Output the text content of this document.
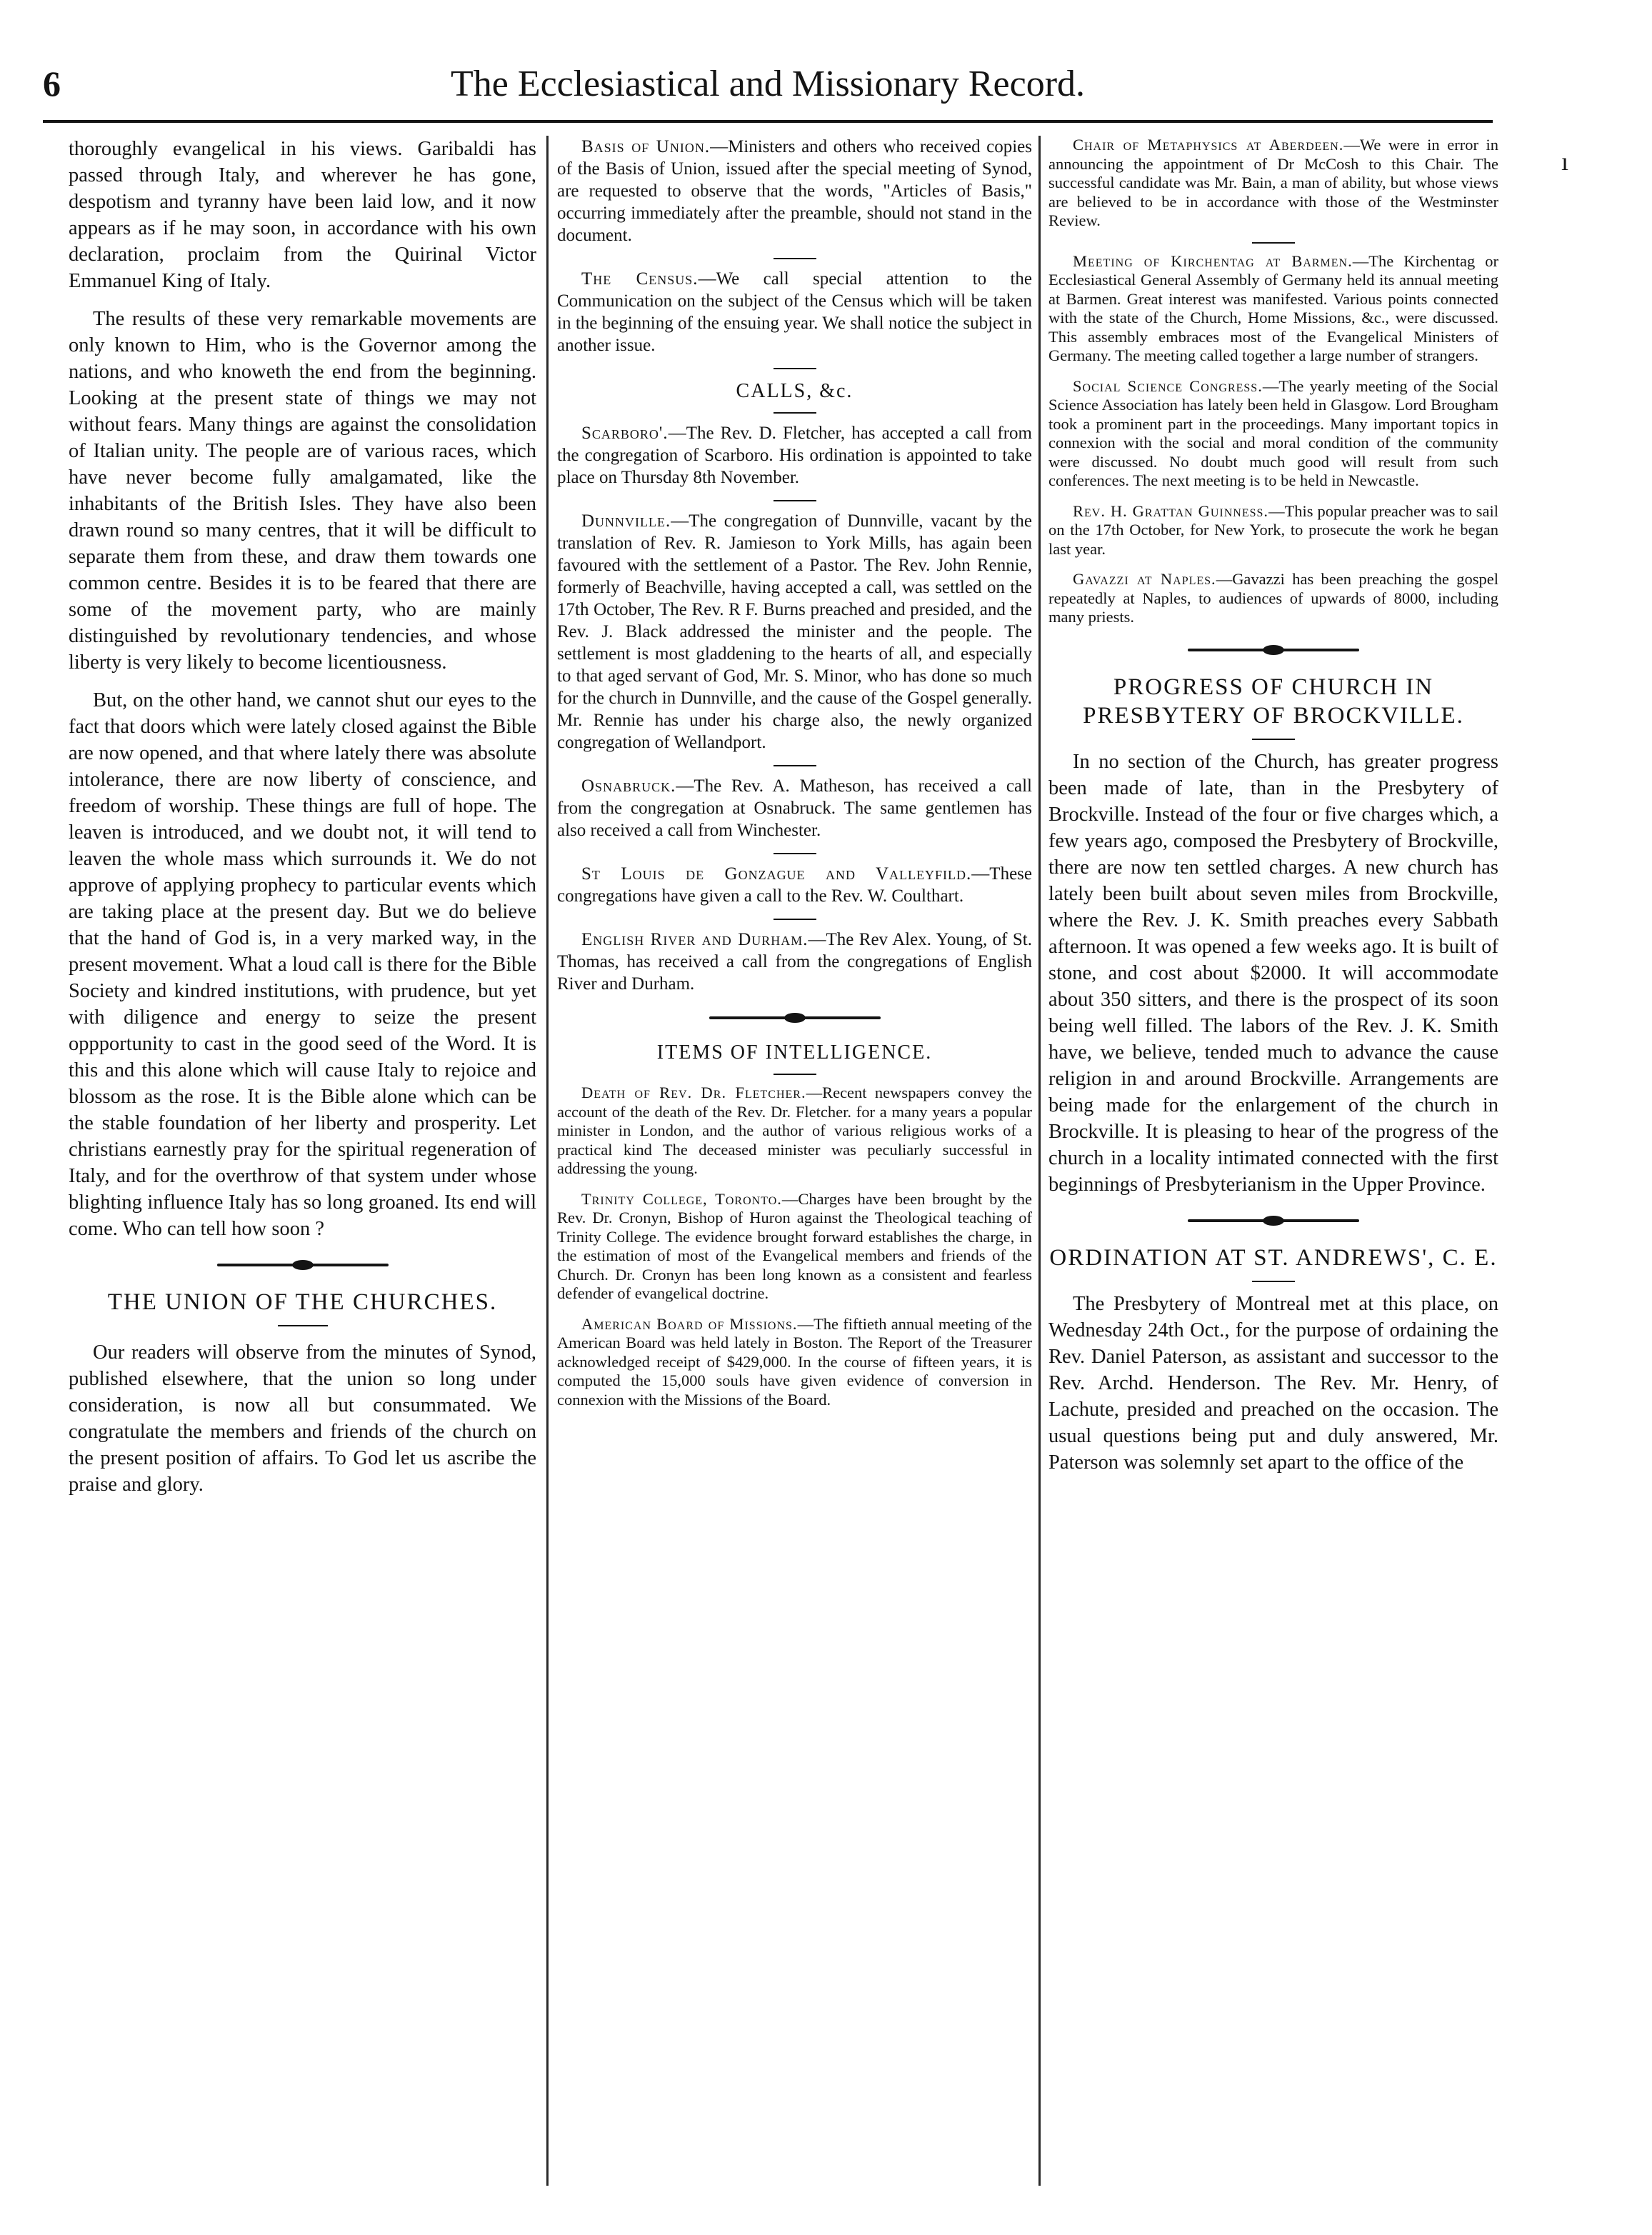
6	The Ecclesiastical and Missionary Record.
ı

thoroughly evangelical in his views. Garibaldi has passed through Italy, and wherever he has gone, despotism and tyranny have been laid low, and it now appears as if he may soon, in accordance with his own declaration, proclaim from the Quirinal Victor Emmanuel King of Italy.

The results of these very remarkable movements are only known to Him, who is the Governor among the nations, and who knoweth the end from the beginning. Looking at the present state of things we may not without fears. Many things are against the consolidation of Italian unity. The people are of various races, which have never become fully amalgamated, like the inhabitants of the British Isles. They have also been drawn round so many centres, that it will be difficult to separate them from these, and draw them towards one common centre. Besides it is to be feared that there are some of the movement party, who are mainly distinguished by revolutionary tendencies, and whose liberty is very likely to become licentiousness.

But, on the other hand, we cannot shut our eyes to the fact that doors which were lately closed against the Bible are now opened, and that where lately there was absolute intolerance, there are now liberty of conscience, and freedom of worship. These things are full of hope. The leaven is introduced, and we doubt not, it will tend to leaven the whole mass which surrounds it. We do not approve of applying prophecy to particular events which are taking place at the present day. But we do believe that the hand of God is, in a very marked way, in the present movement. What a loud call is there for the Bible Society and kindred institutions, with prudence, but yet with diligence and energy to seize the present oppportunity to cast in the good seed of the Word. It is this and this alone which will cause Italy to rejoice and blossom as the rose. It is the Bible alone which can be the stable foundation of her liberty and prosperity. Let christians earnestly pray for the spiritual regeneration of Italy, and for the overthrow of that system under whose blighting influence Italy has so long groaned. Its end will come. Who can tell how soon ?

THE UNION OF THE CHURCHES.

Our readers will observe from the minutes of Synod, published elsewhere, that the union so long under consideration, is now all but consummated. We congratulate the members and friends of the church on the present position of affairs. To God let us ascribe the praise and glory.

Basis of Union.—Ministers and others who received copies of the Basis of Union, issued after the special meeting of Synod, are requested to observe that the words, "Articles of Basis," occurring immediately after the preamble, should not stand in the document.

The Census.—We call special attention to the Communication on the subject of the Census which will be taken in the beginning of the ensuing year. We shall notice the subject in another issue.

CALLS, &c.

Scarboro'.—The Rev. D. Fletcher, has accepted a call from the congregation of Scarboro. His ordination is appointed to take place on Thursday 8th November.

Dunnville.—The congregation of Dunnville, vacant by the translation of Rev. R. Jamieson to York Mills, has again been favoured with the settlement of a Pastor. The Rev. John Rennie, formerly of Beachville, having accepted a call, was settled on the 17th October, The Rev. R F. Burns preached and presided, and the Rev. J. Black addressed the minister and the people. The settlement is most gladdening to the hearts of all, and especially to that aged servant of God, Mr. S. Minor, who has done so much for the church in Dunnville, and the cause of the Gospel generally. Mr. Rennie has under his charge also, the newly organized congregation of Wellandport.

Osnabruck.—The Rev. A. Matheson, has received a call from the congregation at Osnabruck. The same gentlemen has also received a call from Winchester.

St Louis de Gonzague and Valleyfild.—These congregations have given a call to the Rev. W. Coulthart.

English River and Durham.—The Rev Alex. Young, of St. Thomas, has received a call from the congregations of English River and Durham.

ITEMS OF INTELLIGENCE.

Death of Rev. Dr. Fletcher.—Recent newspapers convey the account of the death of the Rev. Dr. Fletcher. for a many years a popular minister in London, and the author of various religious works of a practical kind The deceased minister was peculiarly successful in addressing the young.

Trinity College, Toronto.—Charges have been brought by the Rev. Dr. Cronyn, Bishop of Huron against the Theological teaching of Trinity College. The evidence brought forward establishes the charge, in the estimation of most of the Evangelical members and friends of the Church. Dr. Cronyn has been long known as a consistent and fearless defender of evangelical doctrine.

American Board of Missions.—The fiftieth annual meeting of the American Board was held lately in Boston. The Report of the Treasurer acknowledged receipt of $429,000. In the course of fifteen years, it is computed the 15,000 souls have given evidence of conversion in connexion with the Missions of the Board.

Chair of Metaphysics at Aberdeen.—We were in error in announcing the appointment of Dr McCosh to this Chair. The successful candidate was Mr. Bain, a man of ability, but whose views are believed to be in accordance with those of the Westminster Review.

Meeting of Kirchentag at Barmen.—The Kirchentag or Ecclesiastical General Assembly of Germany held its annual meeting at Barmen. Great interest was manifested. Various points connected with the state of the Church, Home Missions, &c., were discussed. This assembly embraces most of the Evangelical Ministers of Germany. The meeting called together a large number of strangers.

Social Science Congress.—The yearly meeting of the Social Science Association has lately been held in Glasgow. Lord Brougham took a prominent part in the proceedings. Many important topics in connexion with the social and moral condition of the community were discussed. No doubt much good will result from such conferences. The next meeting is to be held in Newcastle.

Rev. H. Grattan Guinness.—This popular preacher was to sail on the 17th October, for New York, to prosecute the work he began last year.

Gavazzi at Naples.—Gavazzi has been preaching the gospel repeatedly at Naples, to audiences of upwards of 8000, including many priests.

PROGRESS OF CHURCH IN PRESBYTERY OF BROCKVILLE.

In no section of the Church, has greater progress been made of late, than in the Presbytery of Brockville. Instead of the four or five charges which, a few years ago, composed the Presbytery of Brockville, there are now ten settled charges. A new church has lately been built about seven miles from Brockville, where the Rev. J. K. Smith preaches every Sabbath afternoon. It was opened a few weeks ago. It is built of stone, and cost about $2000. It will accommodate about 350 sitters, and there is the prospect of its soon being well filled. The labors of the Rev. J. K. Smith have, we believe, tended much to advance the cause religion in and around Brockville. Arrangements are being made for the enlargement of the church in Brockville. It is pleasing to hear of the progress of the church in a locality intimated connected with the first beginnings of Presbyterianism in the Upper Province.

ORDINATION AT ST. ANDREWS', C. E.

The Presbytery of Montreal met at this place, on Wednesday 24th Oct., for the purpose of ordaining the Rev. Daniel Paterson, as assistant and successor to the Rev. Archd. Henderson. The Rev. Mr. Henry, of Lachute, presided and preached on the occasion. The usual questions being put and duly answered, Mr. Paterson was solemnly set apart to the office of the
